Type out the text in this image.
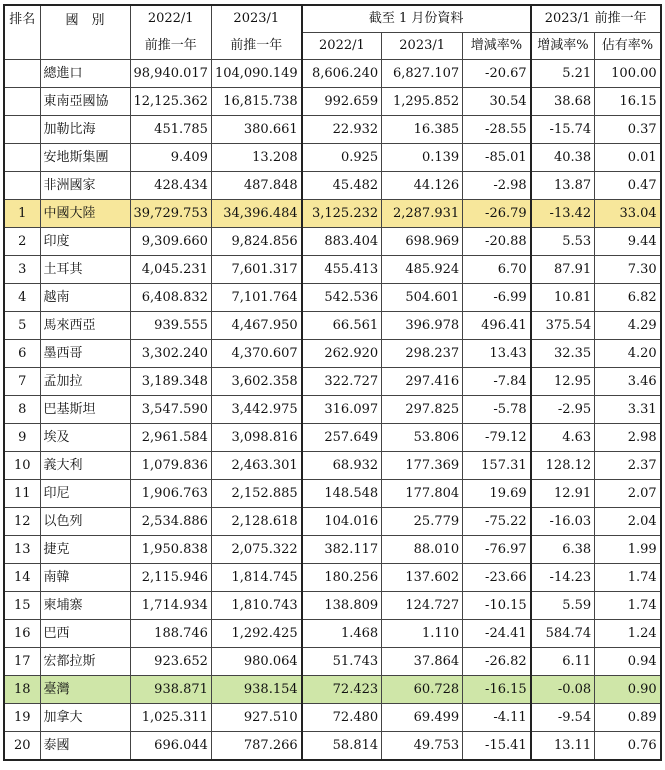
排名	國　別	2022/1	2023/1	截至 1 月份資料			2023/1 前推一年	
		前推一年	前推一年	2022/1	2023/1	增減率%	增減率%	佔有率%
	總進口	98,940.017	104,090.149	8,606.240	6,827.107	-20.67	5.21	100.00
	東南亞國協	12,125.362	16,815.738	992.659	1,295.852	30.54	38.68	16.15
	加勒比海	451.785	380.661	22.932	16.385	-28.55	-15.74	0.37
	安地斯集團	9.409	13.208	0.925	0.139	-85.01	40.38	0.01
	非洲國家	428.434	487.848	45.482	44.126	-2.98	13.87	0.47
1	中國大陸	39,729.753	34,396.484	3,125.232	2,287.931	-26.79	-13.42	33.04
2	印度	9,309.660	9,824.856	883.404	698.969	-20.88	5.53	9.44
3	土耳其	4,045.231	7,601.317	455.413	485.924	6.70	87.91	7.30
4	越南	6,408.832	7,101.764	542.536	504.601	-6.99	10.81	6.82
5	馬來西亞	939.555	4,467.950	66.561	396.978	496.41	375.54	4.29
6	墨西哥	3,302.240	4,370.607	262.920	298.237	13.43	32.35	4.20
7	孟加拉	3,189.348	3,602.358	322.727	297.416	-7.84	12.95	3.46
8	巴基斯坦	3,547.590	3,442.975	316.097	297.825	-5.78	-2.95	3.31
9	埃及	2,961.584	3,098.816	257.649	53.806	-79.12	4.63	2.98
10	義大利	1,079.836	2,463.301	68.932	177.369	157.31	128.12	2.37
11	印尼	1,906.763	2,152.885	148.548	177.804	19.69	12.91	2.07
12	以色列	2,534.886	2,128.618	104.016	25.779	-75.22	-16.03	2.04
13	捷克	1,950.838	2,075.322	382.117	88.010	-76.97	6.38	1.99
14	南韓	2,115.946	1,814.745	180.256	137.602	-23.66	-14.23	1.74
15	柬埔寨	1,714.934	1,810.743	138.809	124.727	-10.15	5.59	1.74
16	巴西	188.746	1,292.425	1.468	1.110	-24.41	584.74	1.24
17	宏都拉斯	923.652	980.064	51.743	37.864	-26.82	6.11	0.94
18	臺灣	938.871	938.154	72.423	60.728	-16.15	-0.08	0.90
19	加拿大	1,025.311	927.510	72.480	69.499	-4.11	-9.54	0.89
20	泰國	696.044	787.266	58.814	49.753	-15.41	13.11	0.76
